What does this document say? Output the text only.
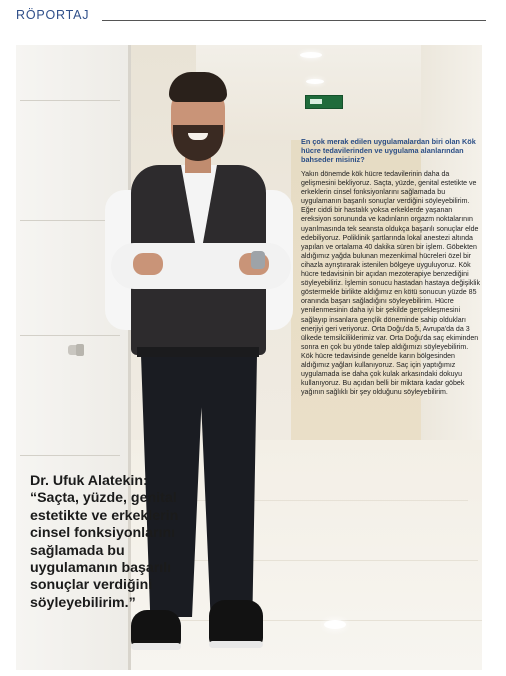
RÖPORTAJ

En çok merak edilen uygulamalardan biri olan Kök hücre tedavilerinden ve uygulama alanlarından bahseder misiniz?

Yakın dönemde kök hücre tedavilerinin daha da gelişmesini bekliyoruz. Saçta, yüzde, genital estetikte ve erkeklerin cinsel fonksiyonlarını sağlamada bu uygulamanın başarılı sonuçlar verdiğini söyleyebilirim. Eğer ciddi bir hastalık yoksa erkeklerde yaşanan ereksiyon sorununda ve kadınların orgazm noktalarının uyarılmasında tek seansta oldukça başarılı sonuçlar elde edebiliyoruz. Poliklinik şartlarında lokal anestezi altında yapılan ve ortalama 40 dakika süren bir işlem. Göbekten aldığımız yağda bulunan mezenkimal hücreleri özel bir cihazla ayrıştırarak istenilen bölgeye uyguluyoruz. Kök hücre tedavisinin bir açıdan mezoterapiye benzediğini söyleyebiliriz. İşlemin sonucu hastadan hastaya değişiklik göstermekle birlikte aldığımız en kötü sonucun yüzde 85 oranında başarı sağladığını söyleyebilirim. Hücre yenilenmesinin daha iyi bir şekilde gerçekleşmesini sağlayıp insanlara gençlik döneminde sahip oldukları enerjiyi geri veriyoruz. Orta Doğu'da 5, Avrupa'da da 3 ülkede temsilciliklerimiz var. Orta Doğu'da saç ekiminden sonra en çok bu yönde talep aldığımızı söyleyebilirim. Kök hücre tedavisinde genelde karın bölgesinden aldığımız yağları kullanıyoruz. Saç için yaptığımız uygulamada ise daha çok kulak arkasındaki dokuyu kullanıyoruz. Bu açıdan belli bir miktara kadar göbek yağının sağlıklı bir şey olduğunu söyleyebilirim.

Dr. Ufuk Alatekin: “Saçta, yüzde, genital estetikte ve erkeklerin cinsel fonksiyonlarını sağlamada bu uygulamanın başarılı sonuçlar verdiğini söyleyebilirim.”
